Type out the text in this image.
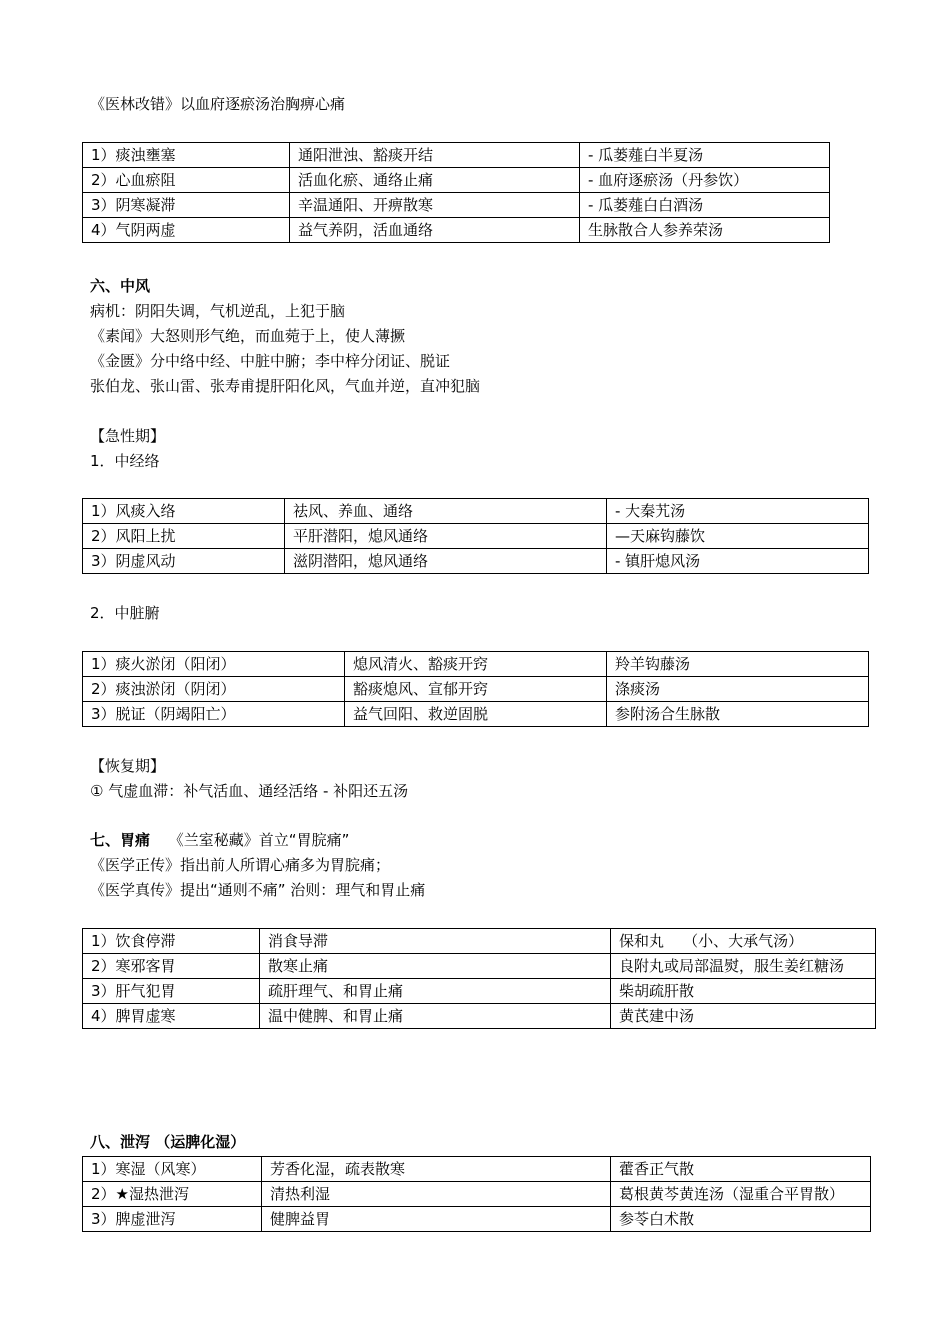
《医林改错》以血府逐瘀汤治胸痹心痛
1）痰浊壅塞	通阳泄浊、豁痰开结	- 瓜蒌薤白半夏汤
2）心血瘀阻	活血化瘀、通络止痛	- 血府逐瘀汤（丹参饮）
3）阴寒凝滞	辛温通阳、开痹散寒	- 瓜蒌薤白白酒汤
4）气阴两虚	益气养阴，活血通络	生脉散合人参养荣汤
六、中风
病机：阴阳失调，气机逆乱，上犯于脑
《素闻》大怒则形气绝，而血菀于上，使人薄撅
《金匮》分中络中经、中脏中腑；李中梓分闭证、脱证
张伯龙、张山雷、张寿甫提肝阳化风，气血并逆，直冲犯脑
【急性期】
1．中经络
1）风痰入络	祛风、养血、通络	- 大秦艽汤
2）风阳上扰	平肝潜阳，熄风通络	—天麻钩藤饮
3）阴虚风动	滋阴潜阳，熄风通络	- 镇肝熄风汤
2．中脏腑
1）痰火淤闭（阳闭）	熄风清火、豁痰开窍	羚羊钩藤汤
2）痰浊淤闭（阴闭）	豁痰熄风、宣郁开窍	涤痰汤
3）脱证（阴竭阳亡）	益气回阳、救逆固脱	参附汤合生脉散
【恢复期】
① 气虚血滞：补气活血、通经活络 - 补阳还五汤
七、胃痛 《兰室秘藏》首立“胃脘痛”
《医学正传》指出前人所谓心痛多为胃脘痛；
《医学真传》提出“通则不痛” 治则：理气和胃止痛
1）饮食停滞	消食导滞	保和丸    （小、大承气汤）
2）寒邪客胃	散寒止痛	良附丸或局部温熨，服生姜红糖汤
3）肝气犯胃	疏肝理气、和胃止痛	柴胡疏肝散
4）脾胃虚寒	温中健脾、和胃止痛	黄芪建中汤
八、泄泻 （运脾化湿）
1）寒湿（风寒）	芳香化湿，疏表散寒	藿香正气散
2）★湿热泄泻	清热利湿	葛根黄芩黄连汤（湿重合平胃散）
3）脾虚泄泻	健脾益胃	参苓白术散
